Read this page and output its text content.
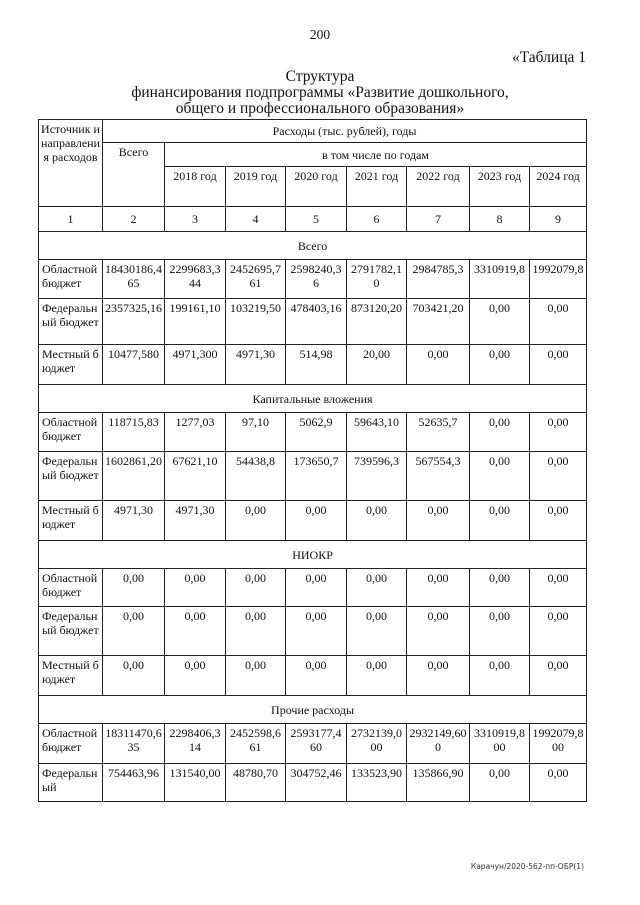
200
«Таблица 1
Структура
финансирования подпрограммы «Развитие дошкольного,
общего и профессионального образования»
Источник и направления расходов	Расходы (тыс. рублей), годы							
	Всего	в том числе по годам						
		2018 год	2019 год	2020 год	2021 год	2022 год	2023 год	2024 год
1	2	3	4	5	6	7	8	9
Всего								
Областной бюджет	18430186,465	2299683,344	2452695,761	2598240,36	2791782,10	2984785,3	3310919,8	1992079,8
Федеральный бюджет	2357325,16	199161,10	103219,50	478403,16	873120,20	703421,20	0,00	0,00
Местный бюджет	10477,580	4971,300	4971,30	514,98	20,00	0,00	0,00	0,00
Капитальные вложения								
Областной бюджет	118715,83	1277,03	97,10	5062,9	59643,10	52635,7	0,00	0,00
Федеральный бюджет	1602861,20	67621,10	54438,8	173650,7	739596,3	567554,3	0,00	0,00
Местный бюджет	4971,30	4971,30	0,00	0,00	0,00	0,00	0,00	0,00
НИОКР								
Областной бюджет	0,00	0,00	0,00	0,00	0,00	0,00	0,00	0,00
Федеральный бюджет	0,00	0,00	0,00	0,00	0,00	0,00	0,00	0,00
Местный бюджет	0,00	0,00	0,00	0,00	0,00	0,00	0,00	0,00
Прочие расходы								
Областной бюджет	18311470,635	2298406,314	2452598,661	2593177,460	2732139,000	2932149,600	3310919,800	1992079,800
Федеральный	754463,96	131540,00	48780,70	304752,46	133523,90	135866,90	0,00	0,00
Карачун/2020-562-пп-ОБР(1)
